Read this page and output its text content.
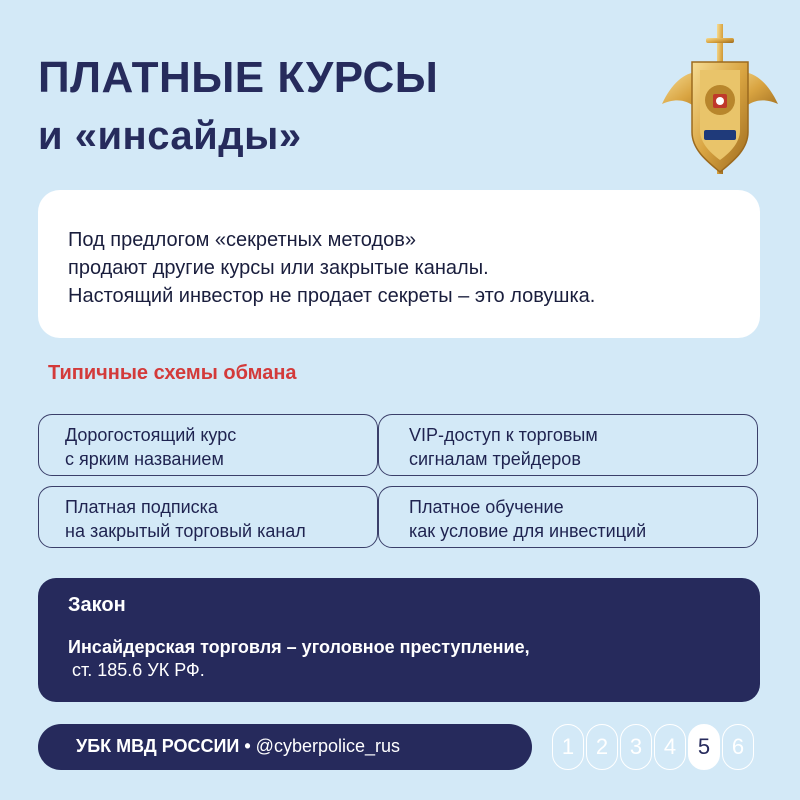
ПЛАТНЫЕ КУРСЫ
и «инсайды»
Под предлогом «секретных методов»
продают другие курсы или закрытые каналы.
Настоящий инвестор не продает секреты – это ловушка.
Типичные схемы обмана
Дорогостоящий курс
с ярким названием
VIP-доступ к торговым
сигналам трейдеров
Платная подписка
на закрытый торговый канал
Платное обучение
как условие для инвестиций
Закон
Инсайдерская торговля – уголовное преступление,
ст. 185.6 УК РФ.
УБК МВД РОССИИ • @cyberpolice_rus	1 2 3 4 5 6
